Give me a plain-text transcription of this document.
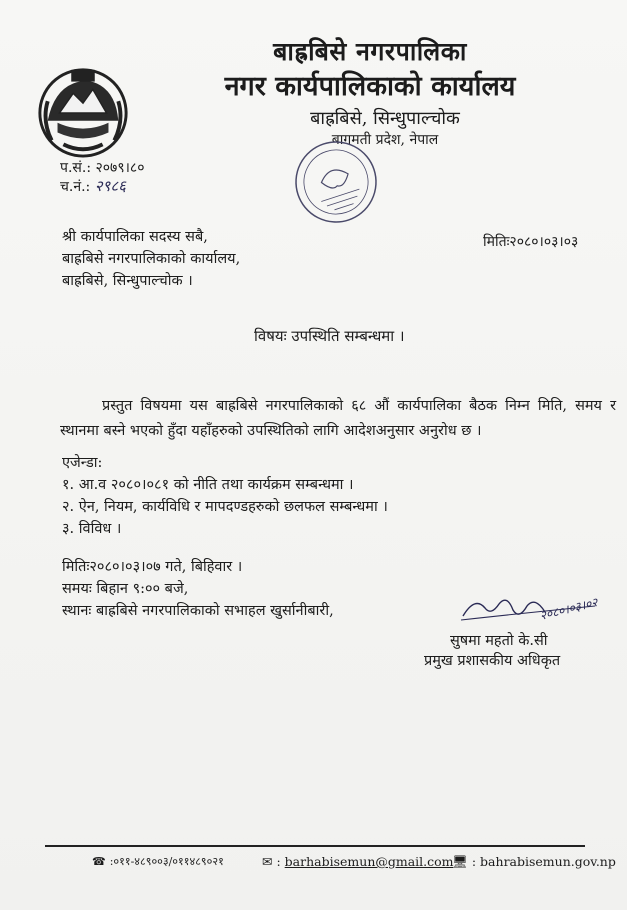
बाह्रबिसे नगरपालिका
नगर कार्यपालिकाको कार्यालय
बाह्रबिसे, सिन्धुपाल्चोक
बागमती प्रदेश, नेपाल
प.सं.: २०७९।८०
च.नं.: २९८६
श्री कार्यपालिका सदस्य सबै,
बाह्रबिसे नगरपालिकाको कार्यालय,
बाह्रबिसे, सिन्धुपाल्चोक ।
मितिः२०८०।०३।०३
विषयः उपस्थिति सम्बन्धमा ।
प्रस्तुत विषयमा यस बाह्रबिसे नगरपालिकाको ६८ औं कार्यपालिका बैठक निम्न मिति, समय र स्थानमा बस्ने भएको हुँदा यहाँहरुको उपस्थितिको लागि आदेशअनुसार अनुरोध छ ।
एजेन्डा:
१. आ.व २०८०।०८१ को नीति तथा कार्यक्रम सम्बन्धमा ।
२. ऐन, नियम, कार्यविधि र मापदण्डहरुको छलफल सम्बन्धमा ।
३. विविध ।
मितिः२०८०।०३।०७ गते, बिहिवार ।
समयः बिहान ९:०० बजे,
स्थानः बाह्रबिसे नगरपालिकाको सभाहल खुर्सानीबारी,	२०८०।०३।०२
सुषमा महतो के.सी
प्रमुख प्रशासकीय अधिकृत
☎ :०११-४८९००३/०११४८९०२१	✉ : barhabisemun@gmail.com
🖥 : bahrabisemun.gov.np
